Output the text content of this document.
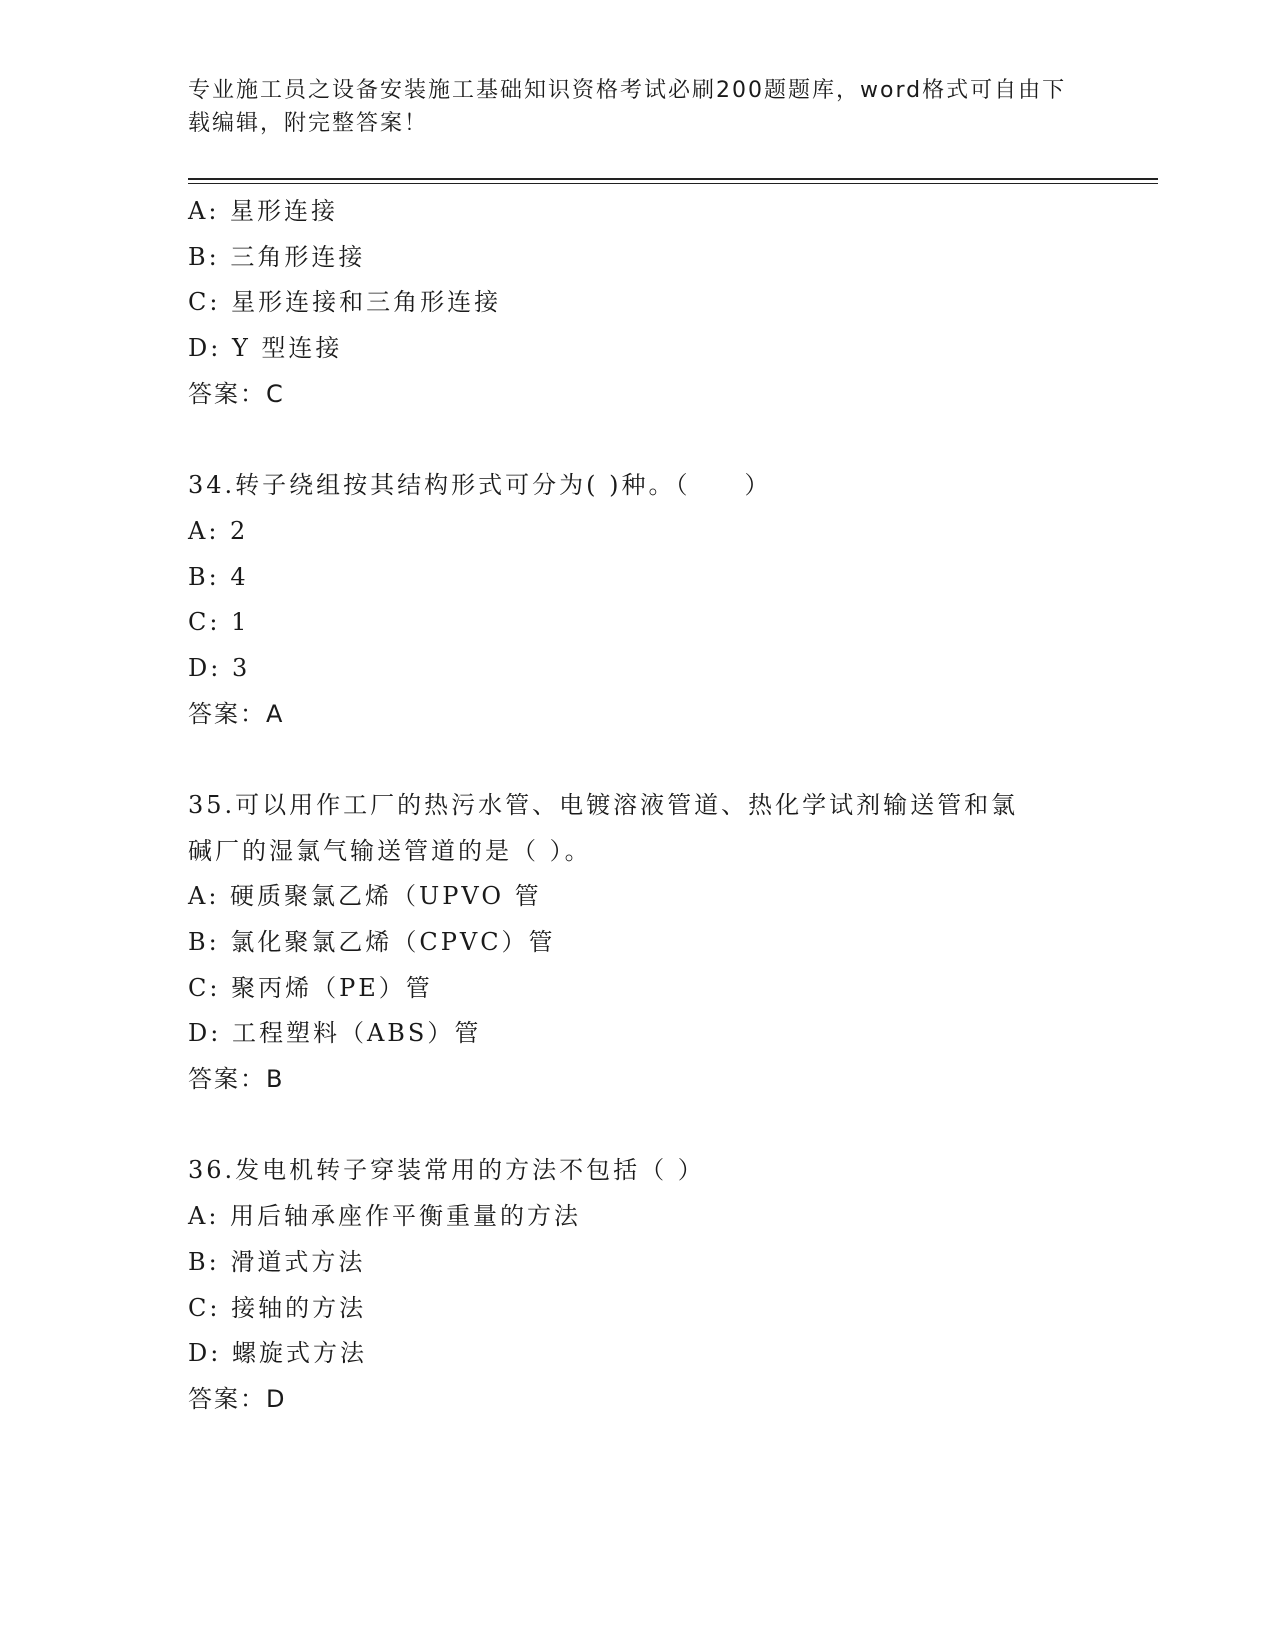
专业施工员之设备安装施工基础知识资格考试必刷200题题库，word格式可自由下载编辑，附完整答案！
A: 星形连接
B: 三角形连接
C: 星形连接和三角形连接
D: Y 型连接
答案：C
34.转子绕组按其结构形式可分为( )种。（　　）
A: 2
B: 4
C: 1
D: 3
答案：A
35.可以用作工厂的热污水管、电镀溶液管道、热化学试剂输送管和氯
碱厂的湿氯气输送管道的是（ ）。
A: 硬质聚氯乙烯（UPVO 管
B: 氯化聚氯乙烯（CPVC）管
C: 聚丙烯（PE）管
D: 工程塑料（ABS）管
答案：B
36.发电机转子穿装常用的方法不包括（ ）
A: 用后轴承座作平衡重量的方法
B: 滑道式方法
C: 接轴的方法
D: 螺旋式方法
答案：D
